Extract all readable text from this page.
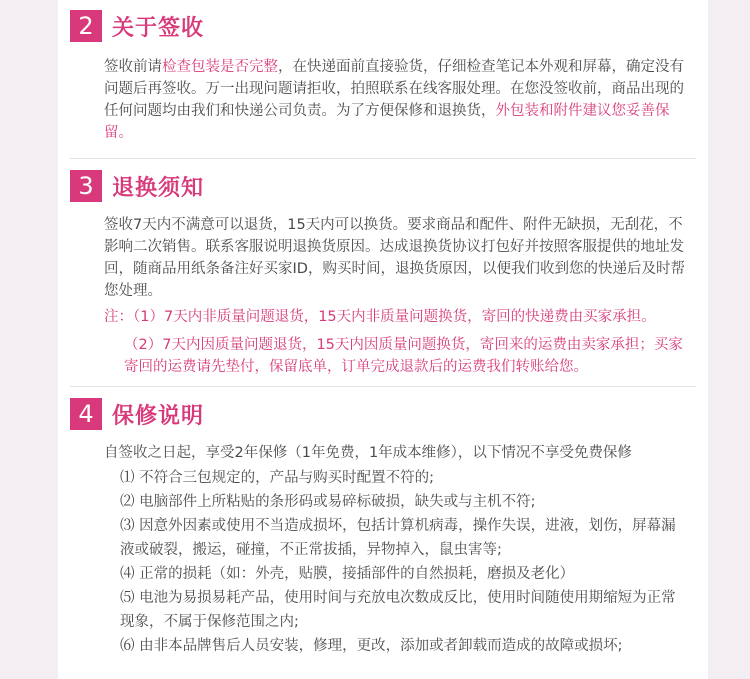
2 关于签收

签收前请检查包装是否完整，在快递面前直接验货，仔细检查笔记本外观和屏幕，确定没有问题后再签收。万一出现问题请拒收，拍照联系在线客服处理。在您没签收前，商品出现的任何问题均由我们和快递公司负责。为了方便保修和退换货，外包装和附件建议您妥善保留。

3 退换须知

签收7天内不满意可以退货，15天内可以换货。要求商品和配件、附件无缺损，无刮花，不影响二次销售。联系客服说明退换货原因。达成退换货协议打包好并按照客服提供的地址发回，随商品用纸条备注好买家ID，购买时间，退换货原因，以便我们收到您的快递后及时帮您处理。

注：（1）7天内非质量问题退货，15天内非质量问题换货，寄回的快递费由买家承担。

（2）7天内因质量问题退货，15天内因质量问题换货，寄回来的运费由卖家承担；买家寄回的运费请先垫付，保留底单，订单完成退款后的运费我们转账给您。

4 保修说明

自签收之日起，享受2年保修（1年免费，1年成本维修），以下情况不享受免费保修

⑴ 不符合三包规定的，产品与购买时配置不符的;
⑵ 电脑部件上所粘贴的条形码或易碎标破损，缺失或与主机不符;
⑶ 因意外因素或使用不当造成损坏，包括计算机病毒，操作失误，进液，划伤，屏幕漏液或破裂，搬运，碰撞，不正常拔插，异物掉入，鼠虫害等;
⑷ 正常的损耗（如：外壳，贴膜，接插部件的自然损耗，磨损及老化）
⑸ 电池为易损易耗产品，使用时间与充放电次数成反比，使用时间随使用期缩短为正常现象，不属于保修范围之内;
⑹ 由非本品牌售后人员安装，修理，更改，添加或者卸载而造成的故障或损坏;
